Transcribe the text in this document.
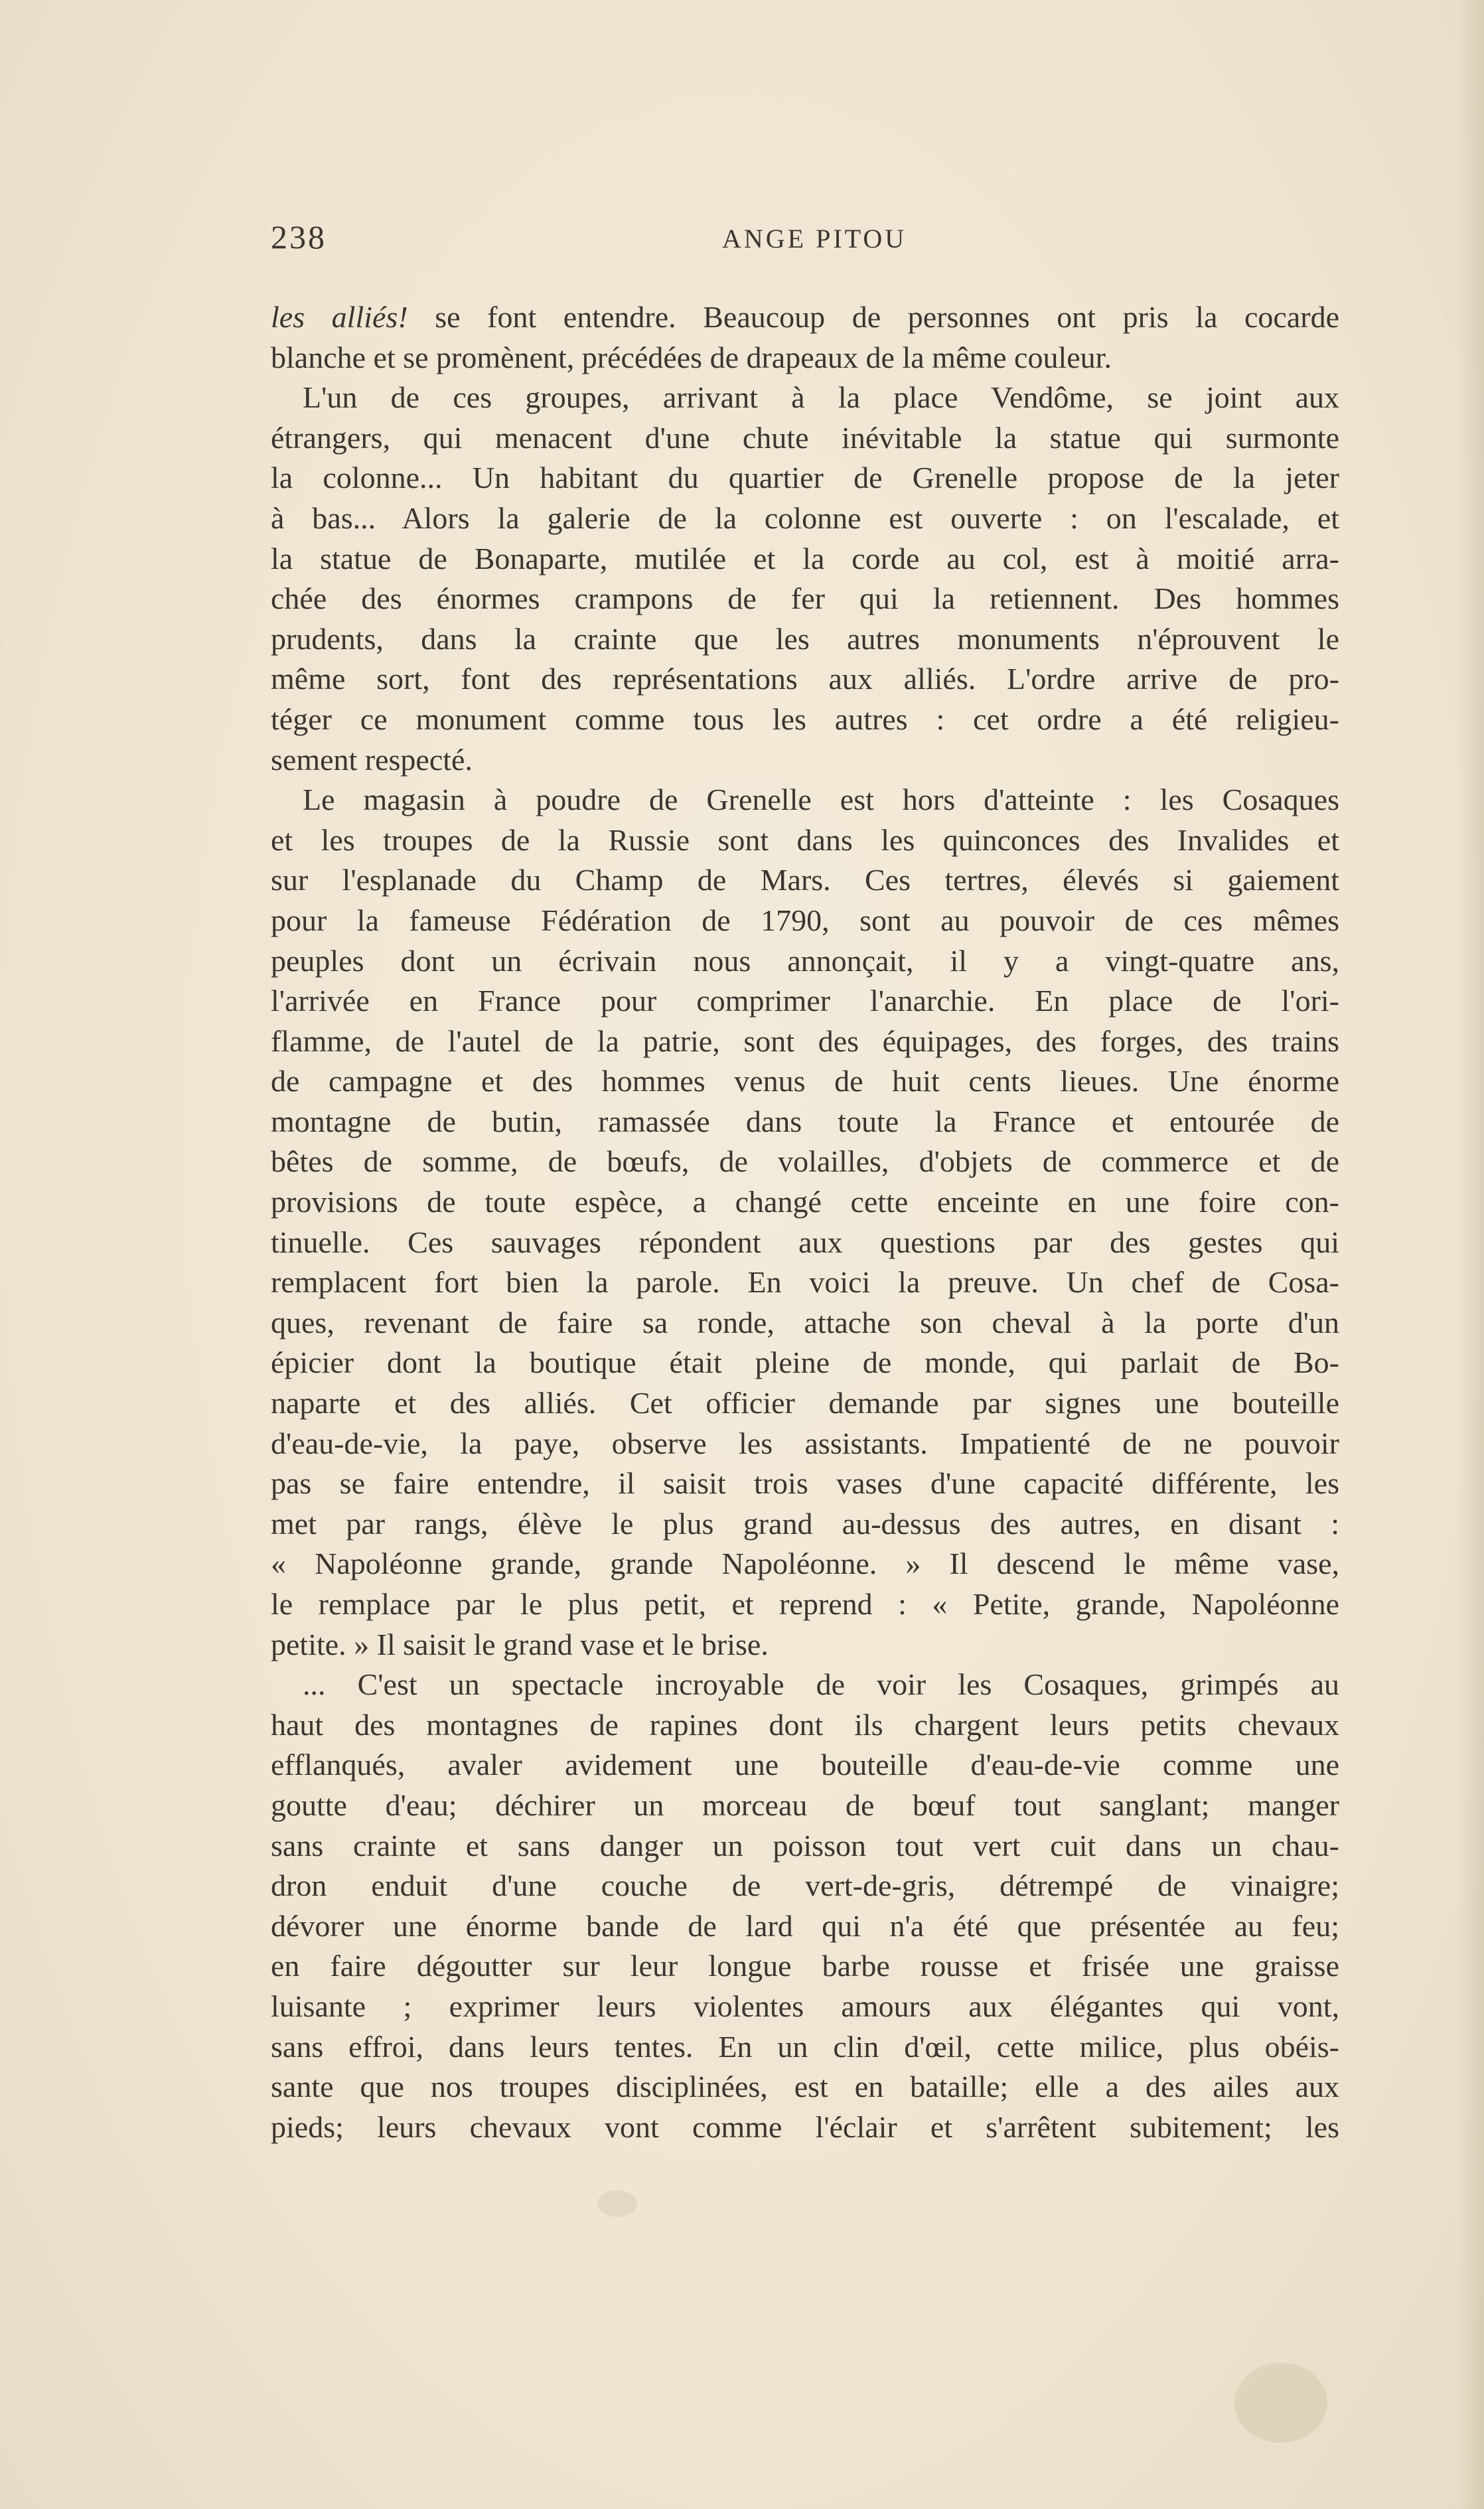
238	ANGE PITOU
les alliés! se font entendre. Beaucoup de personnes ont pris la cocarde
blanche et se promènent, précédées de drapeaux de la même couleur.
L'un de ces groupes, arrivant à la place Vendôme, se joint aux
étrangers, qui menacent d'une chute inévitable la statue qui surmonte
la colonne... Un habitant du quartier de Grenelle propose de la jeter
à bas... Alors la galerie de la colonne est ouverte : on l'escalade, et
la statue de Bonaparte, mutilée et la corde au col, est à moitié arra-
chée des énormes crampons de fer qui la retiennent. Des hommes
prudents, dans la crainte que les autres monuments n'éprouvent le
même sort, font des représentations aux alliés. L'ordre arrive de pro-
téger ce monument comme tous les autres : cet ordre a été religieu-
sement respecté.
Le magasin à poudre de Grenelle est hors d'atteinte : les Cosaques
et les troupes de la Russie sont dans les quinconces des Invalides et
sur l'esplanade du Champ de Mars. Ces tertres, élevés si gaiement
pour la fameuse Fédération de 1790, sont au pouvoir de ces mêmes
peuples dont un écrivain nous annonçait, il y a vingt-quatre ans,
l'arrivée en France pour comprimer l'anarchie. En place de l'ori-
flamme, de l'autel de la patrie, sont des équipages, des forges, des trains
de campagne et des hommes venus de huit cents lieues. Une énorme
montagne de butin, ramassée dans toute la France et entourée de
bêtes de somme, de bœufs, de volailles, d'objets de commerce et de
provisions de toute espèce, a changé cette enceinte en une foire con-
tinuelle. Ces sauvages répondent aux questions par des gestes qui
remplacent fort bien la parole. En voici la preuve. Un chef de Cosa-
ques, revenant de faire sa ronde, attache son cheval à la porte d'un
épicier dont la boutique était pleine de monde, qui parlait de Bo-
naparte et des alliés. Cet officier demande par signes une bouteille
d'eau-de-vie, la paye, observe les assistants. Impatienté de ne pouvoir
pas se faire entendre, il saisit trois vases d'une capacité différente, les
met par rangs, élève le plus grand au-dessus des autres, en disant :
« Napoléonne grande, grande Napoléonne. » Il descend le même vase,
le remplace par le plus petit, et reprend : « Petite, grande, Napoléonne
petite. » Il saisit le grand vase et le brise.
... C'est un spectacle incroyable de voir les Cosaques, grimpés au
haut des montagnes de rapines dont ils chargent leurs petits chevaux
efflanqués, avaler avidement une bouteille d'eau-de-vie comme une
goutte d'eau; déchirer un morceau de bœuf tout sanglant; manger
sans crainte et sans danger un poisson tout vert cuit dans un chau-
dron enduit d'une couche de vert-de-gris, détrempé de vinaigre;
dévorer une énorme bande de lard qui n'a été que présentée au feu;
en faire dégoutter sur leur longue barbe rousse et frisée une graisse
luisante ; exprimer leurs violentes amours aux élégantes qui vont,
sans effroi, dans leurs tentes. En un clin d'œil, cette milice, plus obéis-
sante que nos troupes disciplinées, est en bataille; elle a des ailes aux
pieds; leurs chevaux vont comme l'éclair et s'arrêtent subitement; les
